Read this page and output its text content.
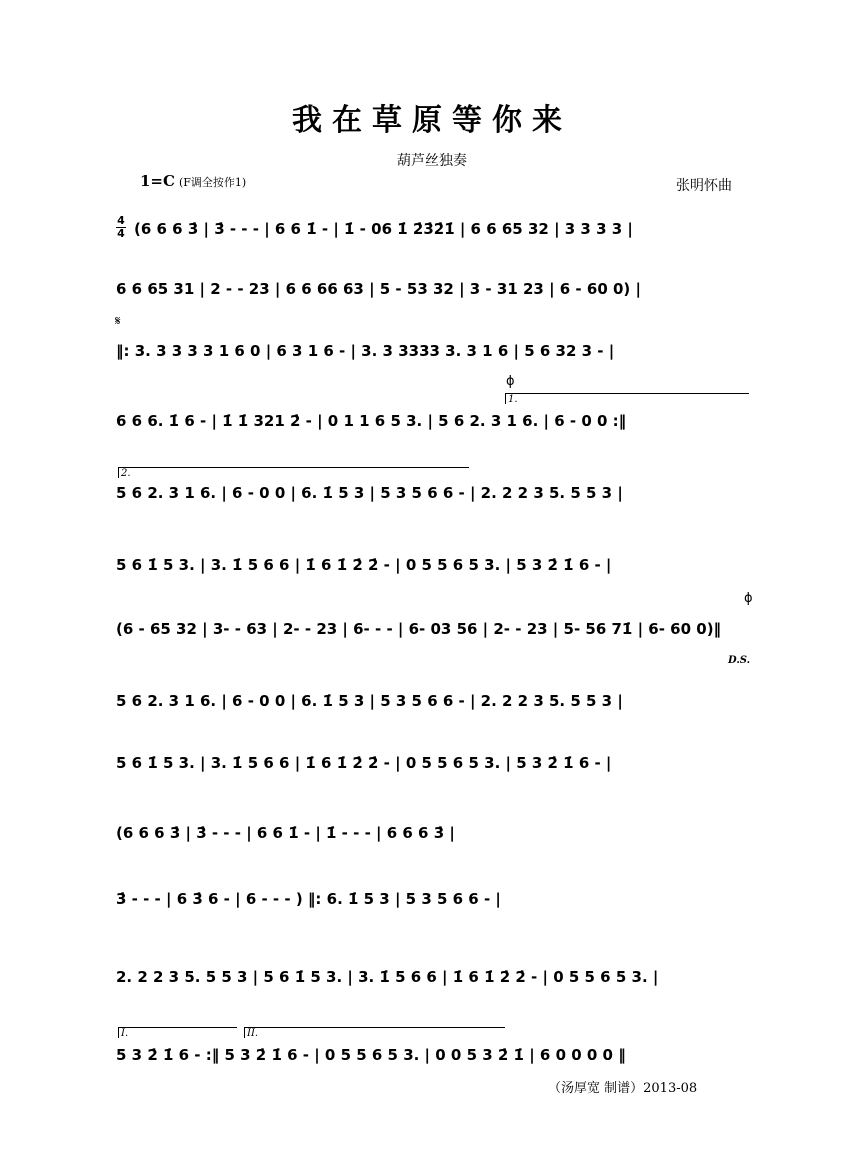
我在草原等你来
葫芦丝独奏
1=C (F调全按作1)	张明怀曲
4
4
𝄋
ɸ
ɸ
D.S.
1.
2.
I.	II.
(6 6 6 3̇ | 3̇ - - - | 6 6 1̇ - | 1̇ - 06 1̇ 2̇3̇2̇1̇ | 6 6 65 32 | 3 3 3 3 |
6 6 65 31 | 2 - - 23 | 6 6 66 63 | 5 - 53 32 | 3 - 31 23 | 6 - 60 0) |
‖: 3. 3 3 3 3 1 6 0 | 6 3 1 6 - | 3. 3 3333 3. 3 1 6 | 5 6 32 3 - |
6 6 6. 1̇ 6 - | 1̇ 1̇ 321 2̇ - | 0 1 1 6 5 3. | 5 6 2. 3 1 6. | 6 - 0 0 :‖
5 6 2. 3 1 6. | 6 - 0 0 | 6. 1̇ 5 3 | 5 3 5 6 6 - | 2. 2 2 3 5. 5 5 3 |
5 6 1̇ 5 3. | 3. 1̇ 5 6 6 | 1̇ 6 1̇ 2̇ 2̇ - | 0 5 5 6 5 3. | 5 3 2̇ 1̇ 6 - |
(6 - 65 32 | 3- - 63 | 2- - 23 | 6- - - | 6- 03 56 | 2- - 23 | 5- 56 71̇ | 6- 60 0)‖
5 6 2. 3 1 6. | 6 - 0 0 | 6. 1̇ 5 3 | 5 3 5 6 6 - | 2. 2 2 3 5. 5 5 3 |
5 6 1̇ 5 3. | 3. 1̇ 5 6 6 | 1̇ 6 1̇ 2̇ 2̇ - | 0 5 5 6 5 3. | 5 3 2̇ 1̇ 6 - |
(6 6 6 3̇ | 3̇ - - - | 6 6 1̇ - | 1̇ - - - | 6 6 6 3̇ |
3̇ - - - | 6 3̇ 6 - | 6 - - - ) ‖: 6. 1̇ 5 3 | 5 3 5 6 6 - |
2. 2 2 3 5. 5 5 3 | 5 6 1̇ 5 3. | 3. 1̇ 5 6 6 | 1̇ 6 1̇ 2̇ 2̇ - | 0 5 5 6 5 3. |
5 3 2̇ 1̇ 6 - :‖ 5 3 2̇ 1̇ 6 - | 0 5 5 6 5 3. | 0 0 5 3 2̇ 1̇ | 6 0 0 0 0 ‖
（汤厚宽 制谱）2013-08
